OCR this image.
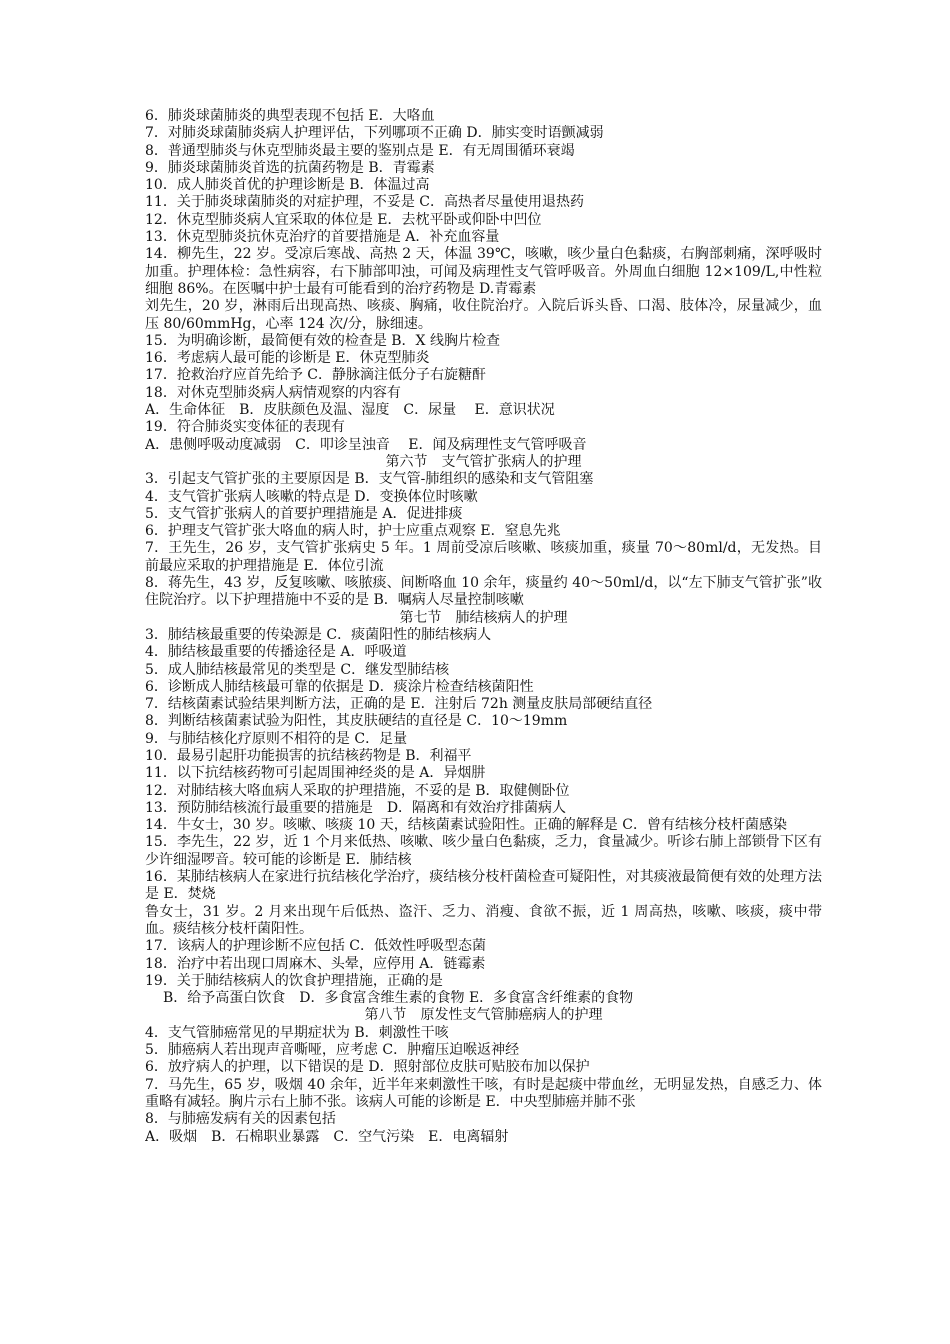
6．肺炎球菌肺炎的典型表现不包括 E．大咯血
7．对肺炎球菌肺炎病人护理评估，下列哪项不正确 D．肺实变时语颤减弱
8．普通型肺炎与休克型肺炎最主要的鉴别点是 E．有无周围循环衰竭
9．肺炎球菌肺炎首选的抗菌药物是 B．青霉素
10．成人肺炎首优的护理诊断是 B．体温过高
11．关于肺炎球菌肺炎的对症护理，不妥是 C．高热者尽量使用退热药
12．休克型肺炎病人宜采取的体位是 E．去枕平卧或仰卧中凹位
13．休克型肺炎抗休克治疗的首要措施是 A．补充血容量
14．柳先生，22 岁。受凉后寒战、高热 2 天，体温 39℃，咳嗽，咳少量白色黏痰，右胸部刺痛，深呼吸时加重。护理体检：急性病容，右下肺部叩浊，可闻及病理性支气管呼吸音。外周血白细胞 12×109/L,中性粒细胞 86%。在医嘱中护士最有可能看到的治疗药物是 D.青霉素
刘先生，20 岁，淋雨后出现高热、咳痰、胸痛，收住院治疗。入院后诉头昏、口渴、肢体冷，尿量减少，血压 80/60mmHg，心率 124 次/分，脉细速。
15．为明确诊断，最简便有效的检查是 B．X 线胸片检查
16．考虑病人最可能的诊断是 E．休克型肺炎
17．抢救治疗应首先给予 C．静脉滴注低分子右旋糖酐
18．对休克型肺炎病人病情观察的内容有
A．生命体征　B．皮肤颜色及温、湿度　C．尿量　 E．意识状况
19．符合肺炎实变体征的表现有
A．患侧呼吸动度减弱　C．叩诊呈浊音　 E．闻及病理性支气管呼吸音
第六节　支气管扩张病人的护理
3．引起支气管扩张的主要原因是 B．支气管-肺组织的感染和支气管阻塞
4．支气管扩张病人咳嗽的特点是 D．变换体位时咳嗽
5．支气管扩张病人的首要护理措施是 A．促进排痰
6．护理支气管扩张大咯血的病人时，护士应重点观察 E．窒息先兆
7．王先生，26 岁，支气管扩张病史 5 年。1 周前受凉后咳嗽、咳痰加重，痰量 70～80ml/d，无发热。目前最应采取的护理措施是 E．体位引流
8．蒋先生，43 岁，反复咳嗽、咳脓痰、间断咯血 10 余年，痰量约 40～50ml/d，以“左下肺支气管扩张”收住院治疗。以下护理措施中不妥的是 B．嘱病人尽量控制咳嗽
第七节　肺结核病人的护理
3．肺结核最重要的传染源是 C．痰菌阳性的肺结核病人
4．肺结核最重要的传播途径是 A．呼吸道
5．成人肺结核最常见的类型是 C．继发型肺结核
6．诊断成人肺结核最可靠的依据是 D．痰涂片检查结核菌阳性
7．结核菌素试验结果判断方法，正确的是 E．注射后 72h 测量皮肤局部硬结直径
8．判断结核菌素试验为阳性，其皮肤硬结的直径是 C．10～19mm
9．与肺结核化疗原则不相符的是 C．足量
10．最易引起肝功能损害的抗结核药物是 B．利福平
11．以下抗结核药物可引起周围神经炎的是 A．异烟肼
12．对肺结核大咯血病人采取的护理措施，不妥的是 B．取健侧卧位
13．预防肺结核流行最重要的措施是　D．隔离和有效治疗排菌病人
14．牛女士，30 岁。咳嗽、咳痰 10 天，结核菌素试验阳性。正确的解释是 C．曾有结核分枝杆菌感染
15．李先生，22 岁，近 1 个月来低热、咳嗽、咳少量白色黏痰，乏力，食量减少。听诊右肺上部锁骨下区有少许细湿啰音。较可能的诊断是 E．肺结核
16．某肺结核病人在家进行抗结核化学治疗，痰结核分枝杆菌检查可疑阳性，对其痰液最简便有效的处理方法是 E．焚烧
鲁女士，31 岁。2 月来出现午后低热、盗汗、乏力、消瘦、食欲不振，近 1 周高热，咳嗽、咳痰，痰中带血。痰结核分枝杆菌阳性。
17．该病人的护理诊断不应包括 C．低效性呼吸型态菌
18．治疗中若出现口周麻木、头晕，应停用 A．链霉素
19．关于肺结核病人的饮食护理措施，正确的是
B．给予高蛋白饮食　D．多食富含维生素的食物 E．多食富含纤维素的食物
第八节　原发性支气管肺癌病人的护理
4．支气管肺癌常见的早期症状为 B．刺激性干咳
5．肺癌病人若出现声音嘶哑，应考虑 C．肿瘤压迫喉返神经
6．放疗病人的护理，以下错误的是 D．照射部位皮肤可贴胶布加以保护
7．马先生，65 岁，吸烟 40 余年，近半年来刺激性干咳，有时是起痰中带血丝，无明显发热，自感乏力、体重略有减轻。胸片示右上肺不张。该病人可能的诊断是 E．中央型肺癌并肺不张
8．与肺癌发病有关的因素包括
A．吸烟　B．石棉职业暴露　C．空气污染　E．电离辐射
